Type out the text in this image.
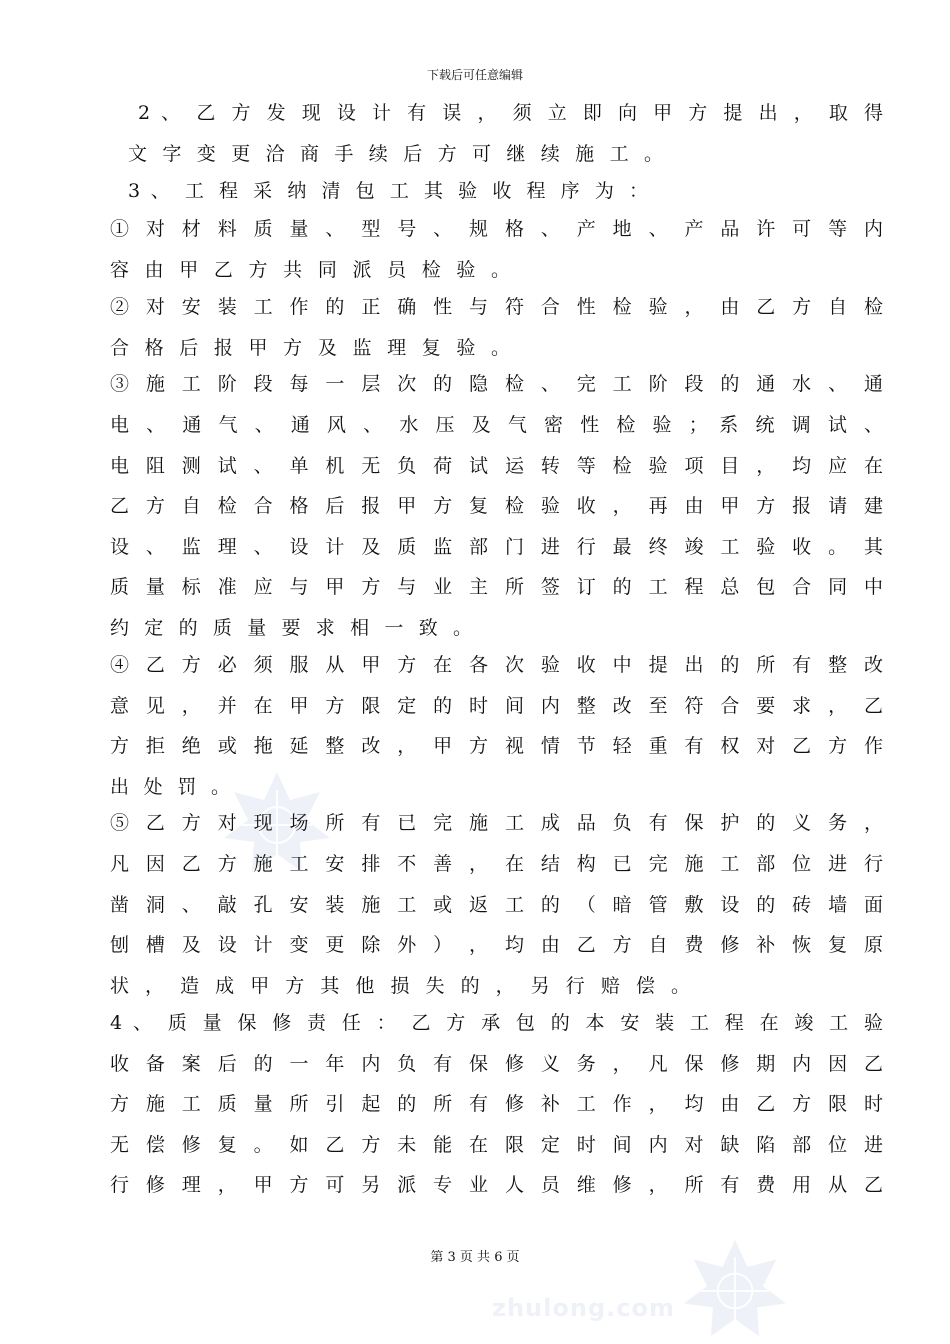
下载后可任意编辑
2 、 乙 方 发 现 设 计 有 误 ， 须 立 即 向 甲 方 提 出 ， 取 得
文 字 变 更 洽 商 手 续 后 方 可 继 续 施 工 。
3 、 工 程 采 纳 清 包 工 其 验 收 程 序 为 ：
① 对 材 料 质 量 、 型 号 、 规 格 、 产 地 、 产 品 许 可 等 内
容 由 甲 乙 方 共 同 派 员 检 验 。
② 对 安 装 工 作 的 正 确 性 与 符 合 性 检 验 ， 由 乙 方 自 检
合 格 后 报 甲 方 及 监 理 复 验 。
③ 施 工 阶 段 每 一 层 次 的 隐 检 、 完 工 阶 段 的 通 水 、 通
电 、 通 气 、 通 风 、 水 压 及 气 密 性 检 验 ； 系 统 调 试 、
电 阻 测 试 、 单 机 无 负 荷 试 运 转 等 检 验 项 目 ， 均 应 在
乙 方 自 检 合 格 后 报 甲 方 复 检 验 收 ， 再 由 甲 方 报 请 建
设 、 监 理 、 设 计 及 质 监 部 门 进 行 最 终 竣 工 验 收 。 其
质 量 标 准 应 与 甲 方 与 业 主 所 签 订 的 工 程 总 包 合 同 中
约 定 的 质 量 要 求 相 一 致 。
④ 乙 方 必 须 服 从 甲 方 在 各 次 验 收 中 提 出 的 所 有 整 改
意 见 ， 并 在 甲 方 限 定 的 时 间 内 整 改 至 符 合 要 求 ， 乙
方 拒 绝 或 拖 延 整 改 ， 甲 方 视 情 节 轻 重 有 权 对 乙 方 作
出 处 罚 。
⑤ 乙 方 对 现 场 所 有 已 完 施 工 成 品 负 有 保 护 的 义 务 ，
凡 因 乙 方 施 工 安 排 不 善 ， 在 结 构 已 完 施 工 部 位 进 行
凿 洞 、 敲 孔 安 装 施 工 或 返 工 的 （ 暗 管 敷 设 的 砖 墙 面
刨 槽 及 设 计 变 更 除 外 ） ， 均 由 乙 方 自 费 修 补 恢 复 原
状 ， 造 成 甲 方 其 他 损 失 的 ， 另 行 赔 偿 。
4 、 质 量 保 修 责 任 ： 乙 方 承 包 的 本 安 装 工 程 在 竣 工 验
收 备 案 后 的 一 年 内 负 有 保 修 义 务 ， 凡 保 修 期 内 因 乙
方 施 工 质 量 所 引 起 的 所 有 修 补 工 作 ， 均 由 乙 方 限 时
无 偿 修 复 。 如 乙 方 未 能 在 限 定 时 间 内 对 缺 陷 部 位 进
行 修 理 ， 甲 方 可 另 派 专 业 人 员 维 修 ， 所 有 费 用 从 乙
第 3 页 共 6 页
zhulong.com
